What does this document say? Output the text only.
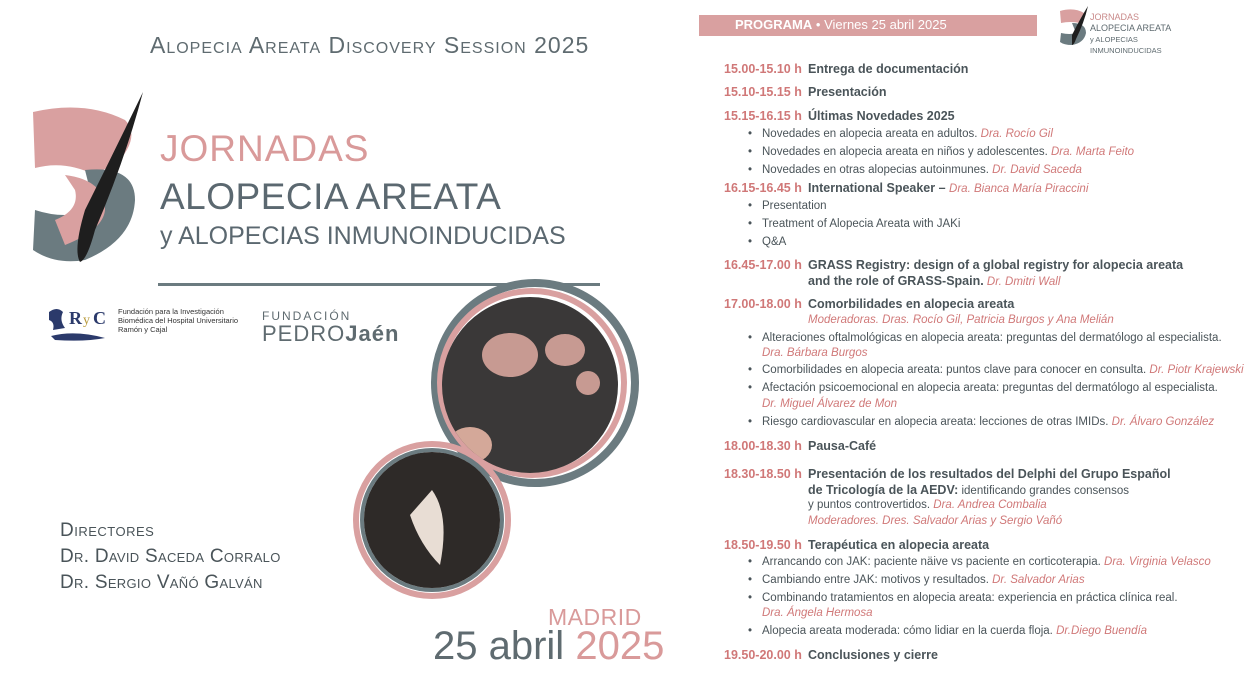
Alopecia Areata Discovery Session 2025
JORNADAS
ALOPECIA AREATA
y ALOPECIAS INMUNOINDUCIDAS
R y C Fundación para la Investigación Biomédica del Hospital Universitario Ramón y Cajal
FUNDACIÓN
PEDROJaén
Directores
Dr. David Saceda Corralo
Dr. Sergio Vañó Galván
MADRID
25 abril 2025
PROGRAMA • Viernes 25 abril 2025	JORNADAS
ALOPECIA AREATA
y ALOPECIAS INMUNOINDUCIDAS
15.00-15.10 h Entrega de documentación
15.10-15.15 h Presentación
15.15-16.15 h Últimas Novedades 2025
• Novedades en alopecia areata en adultos. Dra. Rocío Gil
• Novedades en alopecia areata en niños y adolescentes. Dra. Marta Feito
• Novedades en otras alopecias autoinmunes. Dr. David Saceda
16.15-16.45 h International Speaker – Dra. Bianca María Piraccini
• Presentation
• Treatment of Alopecia Areata with JAKi
• Q&A
16.45-17.00 h GRASS Registry: design of a global registry for alopecia areata
and the role of GRASS-Spain. Dr. Dmitri Wall
17.00-18.00 h Comorbilidades en alopecia areata
Moderadoras. Dras. Rocío Gil, Patricia Burgos y Ana Melián
• Alteraciones oftalmológicas en alopecia areata: preguntas del dermatólogo al especialista.
Dra. Bárbara Burgos
• Comorbilidades en alopecia areata: puntos clave para conocer en consulta. Dr. Piotr Krajewski
• Afectación psicoemocional en alopecia areata: preguntas del dermatólogo al especialista.
Dr. Miguel Álvarez de Mon
• Riesgo cardiovascular en alopecia areata: lecciones de otras IMIDs. Dr. Álvaro González
18.00-18.30 h Pausa-Café
18.30-18.50 h Presentación de los resultados del Delphi del Grupo Español
de Tricología de la AEDV: identificando grandes consensos
y puntos controvertidos. Dra. Andrea Combalia
Moderadores. Dres. Salvador Arias y Sergio Vañó
18.50-19.50 h Terapéutica en alopecia areata
• Arrancando con JAK: paciente näive vs paciente en corticoterapia. Dra. Virginia Velasco
• Cambiando entre JAK: motivos y resultados. Dr. Salvador Arias
• Combinando tratamientos en alopecia areata: experiencia en práctica clínica real.
Dra. Ángela Hermosa
• Alopecia areata moderada: cómo lidiar en la cuerda floja. Dr.Diego Buendía
19.50-20.00 h Conclusiones y cierre
